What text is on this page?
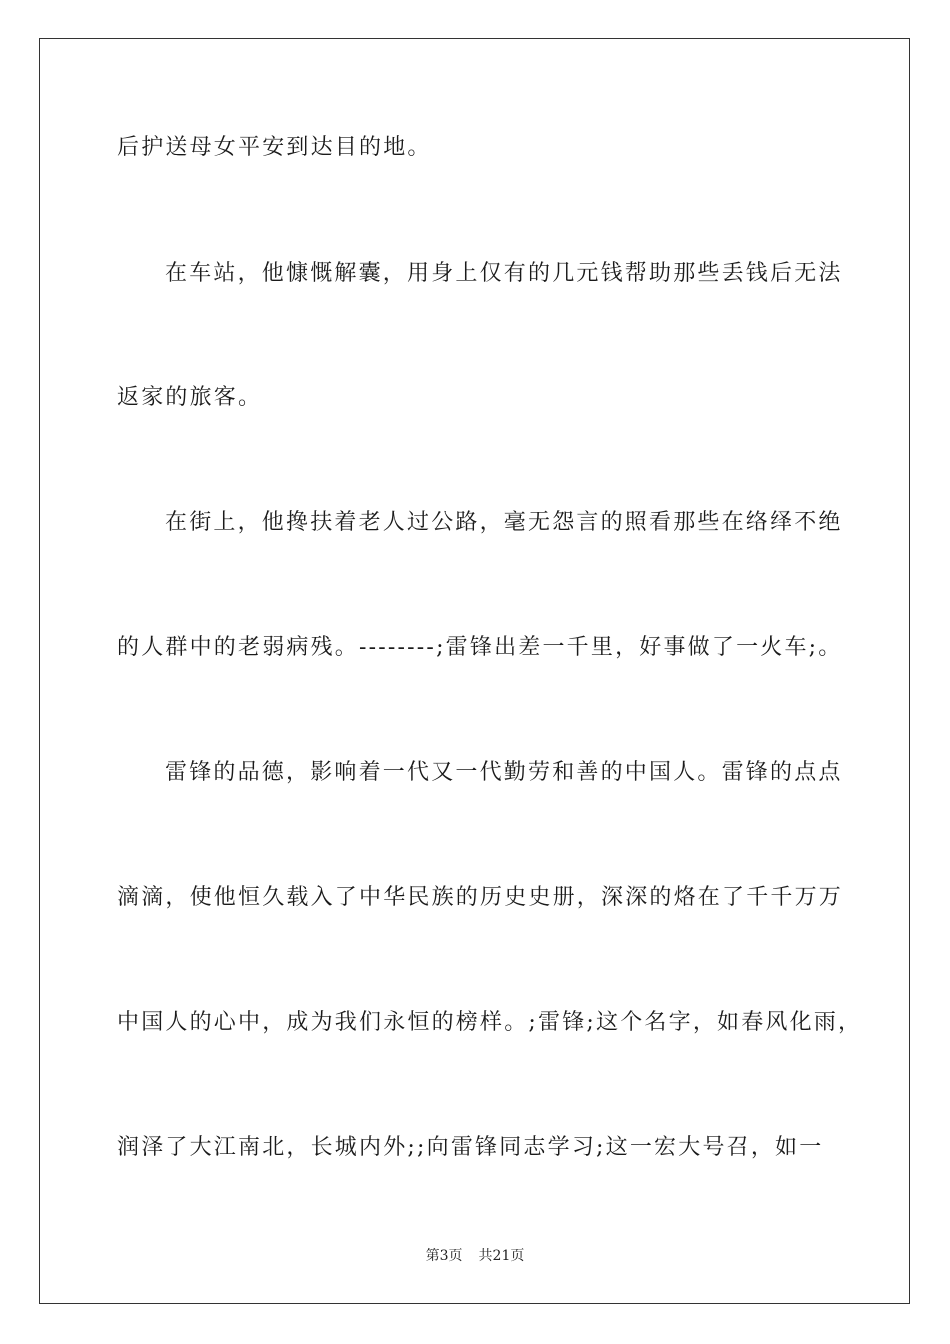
后护送母女平安到达目的地。
在车站，他慷慨解囊，用身上仅有的几元钱帮助那些丢钱后无法
返家的旅客。
在街上，他搀扶着老人过公路，毫无怨言的照看那些在络绎不绝
的人群中的老弱病残。--------;雷锋出差一千里，好事做了一火车;。
雷锋的品德，影响着一代又一代勤劳和善的中国人。雷锋的点点
滴滴，使他恒久载入了中华民族的历史史册，深深的烙在了千千万万
中国人的心中，成为我们永恒的榜样。;雷锋;这个名字，如春风化雨，
润泽了大江南北，长城内外;;向雷锋同志学习;这一宏大号召，如一
第3页 共21页
